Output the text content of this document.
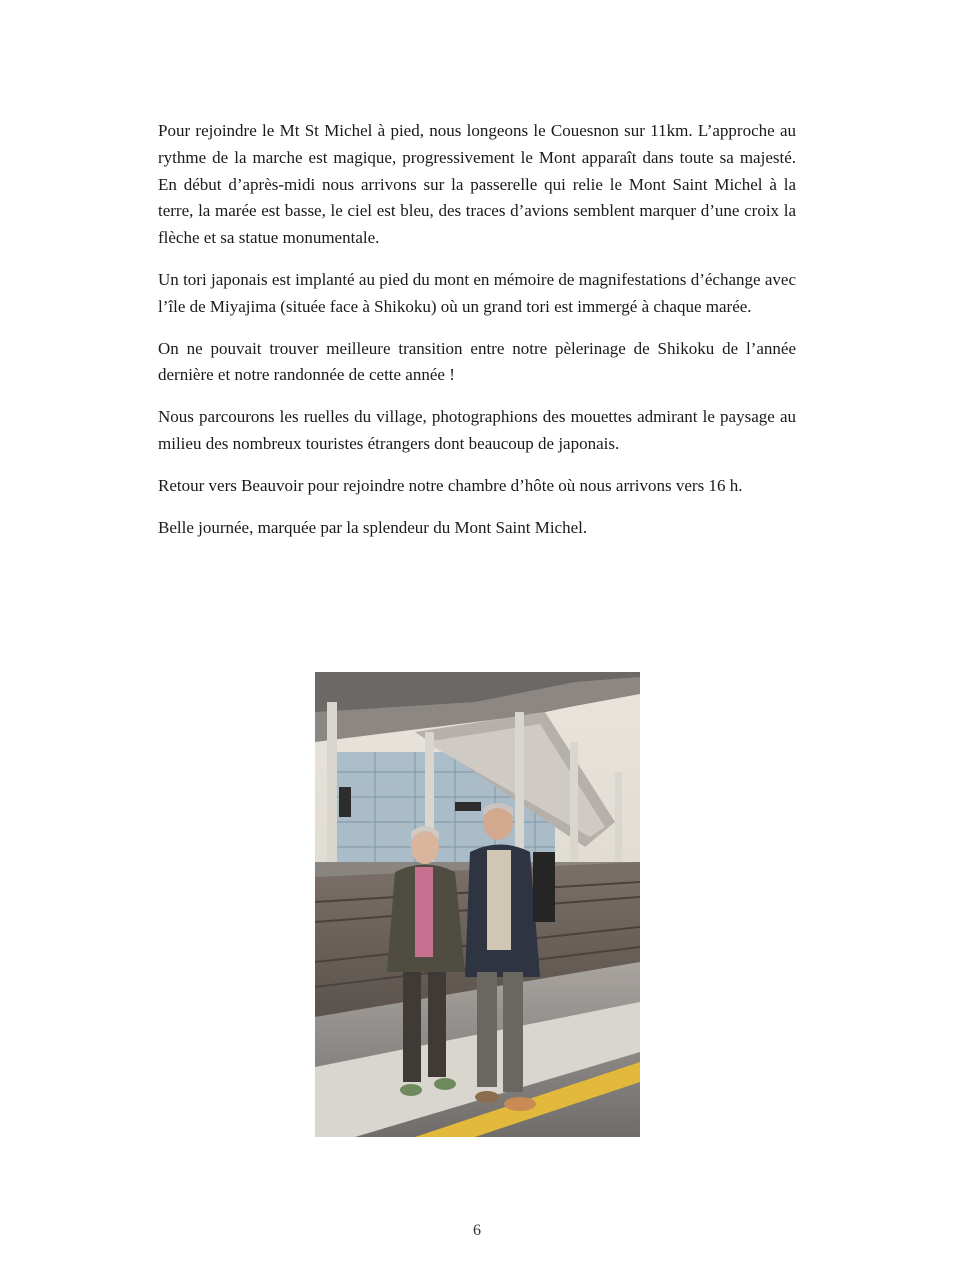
Pour rejoindre le Mt St Michel à pied, nous longeons le Couesnon sur 11km. L’approche au rythme de la marche est magique, progressivement le Mont apparaît dans toute sa majesté. En début d’après-midi nous arrivons sur la passerelle qui relie le Mont Saint Michel à la terre, la marée est basse, le ciel est bleu, des traces d’avions semblent marquer d’une croix la flèche et sa statue monumentale.

Un tori japonais est implanté au pied du mont en mémoire de magnifestations d’échange avec l’île de Miyajima (située face à Shikoku) où un grand tori est immergé à chaque marée.

On ne pouvait trouver meilleure transition entre notre pèlerinage de Shikoku de l’année dernière et notre randonnée de cette année !

Nous parcourons les ruelles du village, photographions des mouettes admirant le paysage au milieu des nombreux touristes étrangers dont beaucoup de japonais.

Retour vers Beauvoir pour rejoindre notre chambre d’hôte où nous arrivons vers 16 h.

Belle journée, marquée par la splendeur du Mont Saint Michel.

6
